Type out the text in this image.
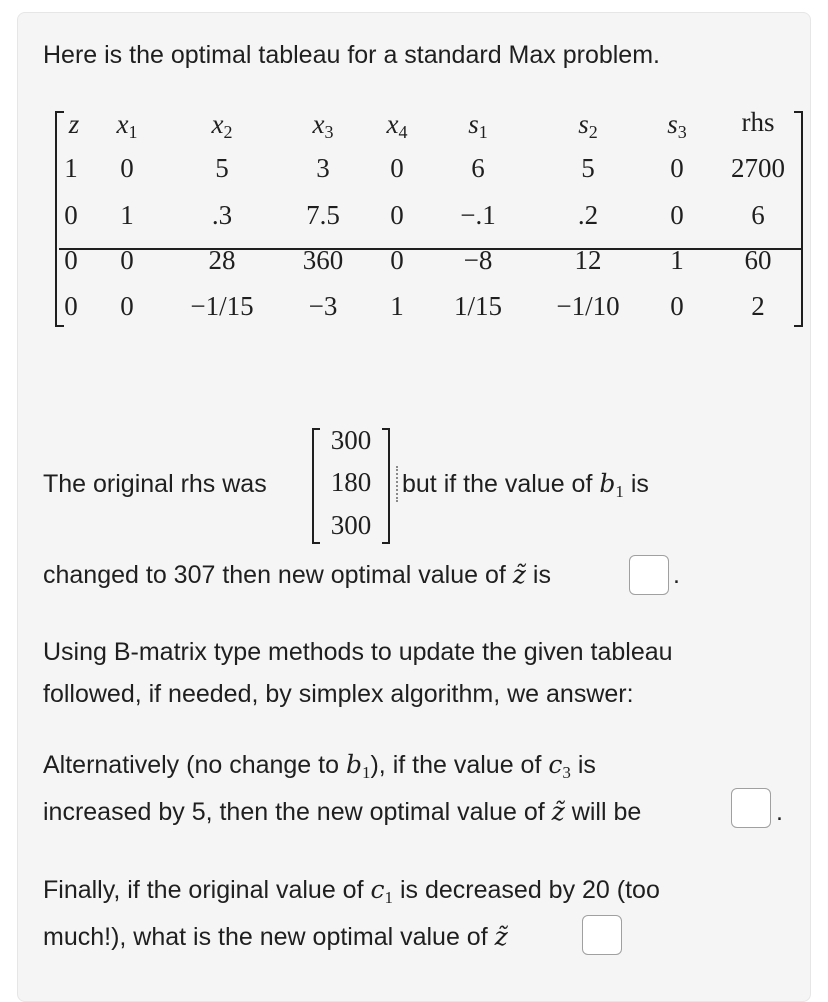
Here is the optimal tableau for a standard Max problem.
z x1	x2	x3 x4 s1	s2	s3 rhs
1 0	5	3 0	6	5	0 2700
0 1	.3	7.5 0 −.1	.2	0	6
0 0	28 360 0 −8	12	1 60
0 0 −1/15 −3 1 1/15 −1/10 0	2
The original rhs was
300
180
300
but if the value of $b_1$ is
changed to 307 then new optimal value of z̃ is	.
Using B-matrix type methods to update the given tableau
followed, if needed, by simplex algorithm, we answer:
Alternatively (no change to $b_1$), if the value of $c_3$ is
increased by 5, then the new optimal value of z̃ will be	.
Finally, if the original value of $c_1$ is decreased by 20 (too
much!), what is the new optimal value of z̃
